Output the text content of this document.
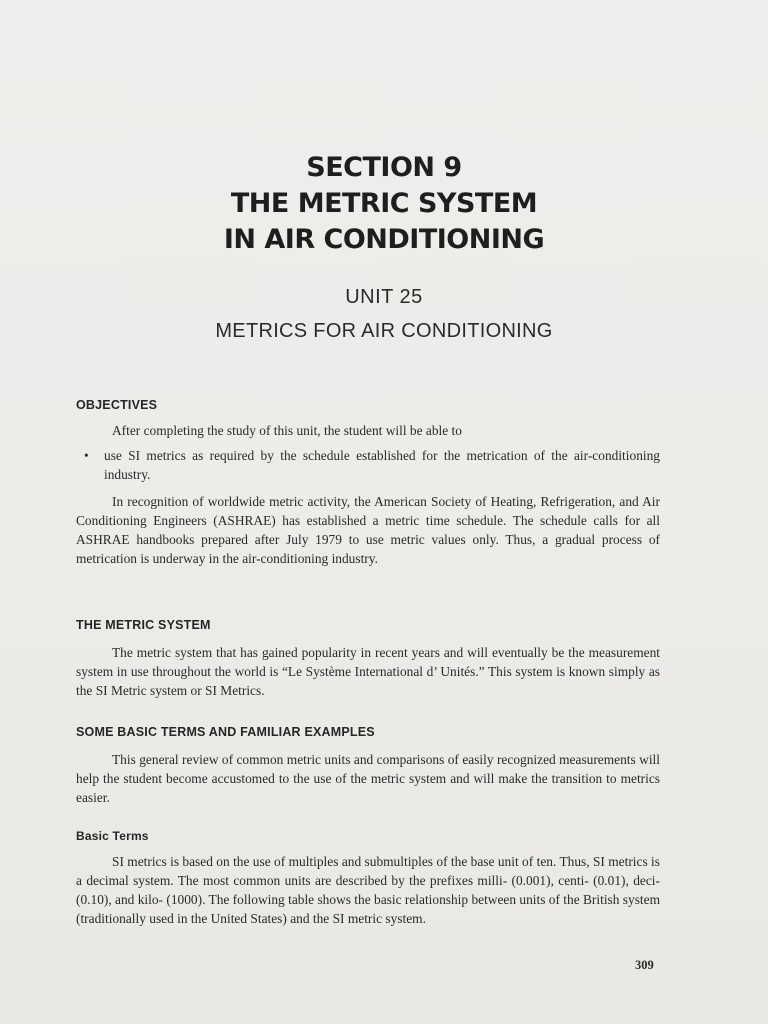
SECTION 9
THE METRIC SYSTEM
IN AIR CONDITIONING
UNIT 25
METRICS FOR AIR CONDITIONING

OBJECTIVES

After completing the study of this unit, the student will be able to

• use SI metrics as required by the schedule established for the metrication of the air-conditioning industry.

In recognition of worldwide metric activity, the American Society of Heating, Refrigeration, and Air Conditioning Engineers (ASHRAE) has established a metric time schedule. The schedule calls for all ASHRAE handbooks prepared after July 1979 to use metric values only. Thus, a gradual process of metrication is underway in the air-conditioning industry.

THE METRIC SYSTEM

The metric system that has gained popularity in recent years and will eventually be the measurement system in use throughout the world is “Le Système International d’ Unités.” This system is known simply as the SI Metric system or SI Metrics.

SOME BASIC TERMS AND FAMILIAR EXAMPLES

This general review of common metric units and comparisons of easily recognized measurements will help the student become accustomed to the use of the metric system and will make the transition to metrics easier.

Basic Terms

SI metrics is based on the use of multiples and submultiples of the base unit of ten. Thus, SI metrics is a decimal system. The most common units are described by the prefixes milli- (0.001), centi- (0.01), deci- (0.10), and kilo- (1000). The following table shows the basic relationship between units of the British system (traditionally used in the United States) and the SI metric system.

309
